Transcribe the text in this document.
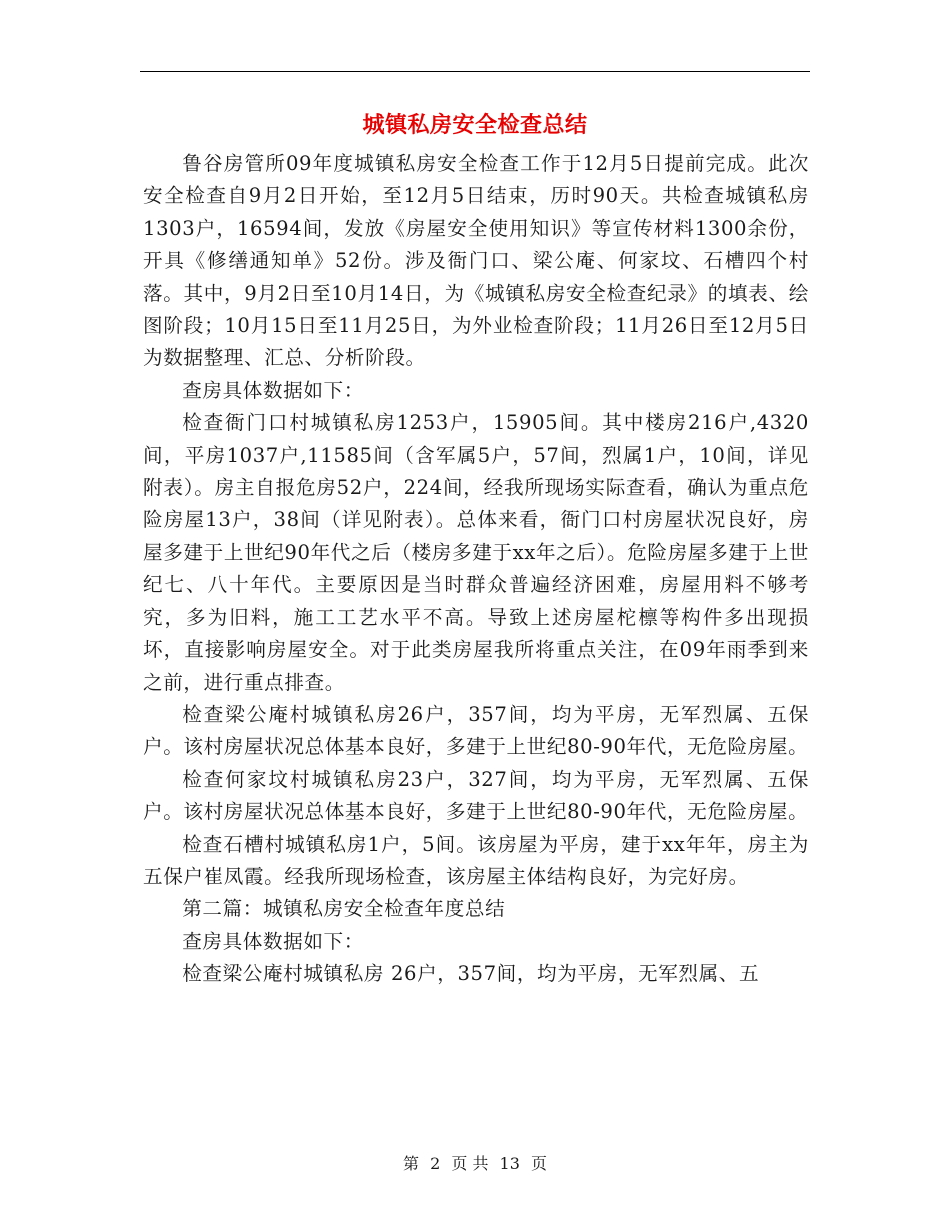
城镇私房安全检查总结

鲁谷房管所09年度城镇私房安全检查工作于12月5日提前完成。此次安全检查自9月2日开始，至12月5日结束，历时90天。共检查城镇私房1303户，16594间，发放《房屋安全使用知识》等宣传材料1300余份，开具《修缮通知单》52份。涉及衙门口、梁公庵、何家坟、石槽四个村落。其中，9月2日至10月14日，为《城镇私房安全检查纪录》的填表、绘图阶段；10月15日至11月25日，为外业检查阶段；11月26日至12月5日为数据整理、汇总、分析阶段。

查房具体数据如下：

检查衙门口村城镇私房1253户，15905间。其中楼房216户,4320间，平房1037户,11585间（含军属5户，57间，烈属1户，10间，详见附表）。房主自报危房52户，224间，经我所现场实际查看，确认为重点危险房屋13户，38间（详见附表）。总体来看，衙门口村房屋状况良好，房屋多建于上世纪90年代之后（楼房多建于xx年之后）。危险房屋多建于上世纪七、八十年代。主要原因是当时群众普遍经济困难，房屋用料不够考究，多为旧料，施工工艺水平不高。导致上述房屋柁檩等构件多出现损坏，直接影响房屋安全。对于此类房屋我所将重点关注，在09年雨季到来之前，进行重点排查。

检查梁公庵村城镇私房26户，357间，均为平房，无军烈属、五保户。该村房屋状况总体基本良好，多建于上世纪80-90年代，无危险房屋。

检查何家坟村城镇私房23户，327间，均为平房，无军烈属、五保户。该村房屋状况总体基本良好，多建于上世纪80-90年代，无危险房屋。

检查石槽村城镇私房1户，5间。该房屋为平房，建于xx年年，房主为五保户崔凤霞。经我所现场检查，该房屋主体结构良好，为完好房。

第二篇：城镇私房安全检查年度总结

查房具体数据如下：

检查梁公庵村城镇私房 26户，357间，均为平房，无军烈属、五

第 2 页 共 13 页
